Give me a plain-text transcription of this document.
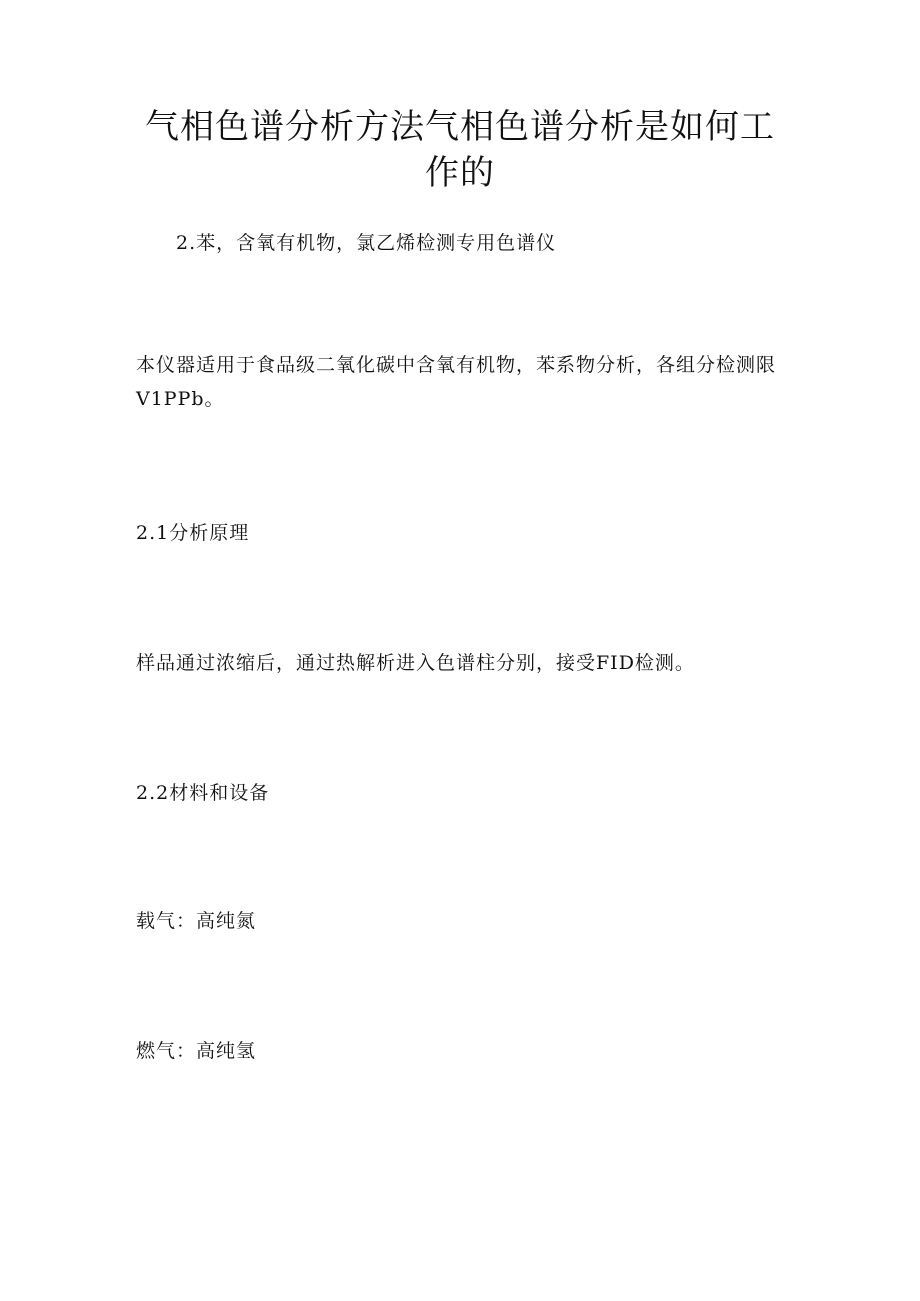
气相色谱分析方法气相色谱分析是如何工作的

2.苯，含氧有机物，氯乙烯检测专用色谱仪

本仪器适用于食品级二氧化碳中含氧有机物，苯系物分析，各组分检测限V1PPb。

2.1分析原理

样品通过浓缩后，通过热解析进入色谱柱分别，接受FID检测。

2.2材料和设备

载气：高纯氮

燃气：高纯氢
